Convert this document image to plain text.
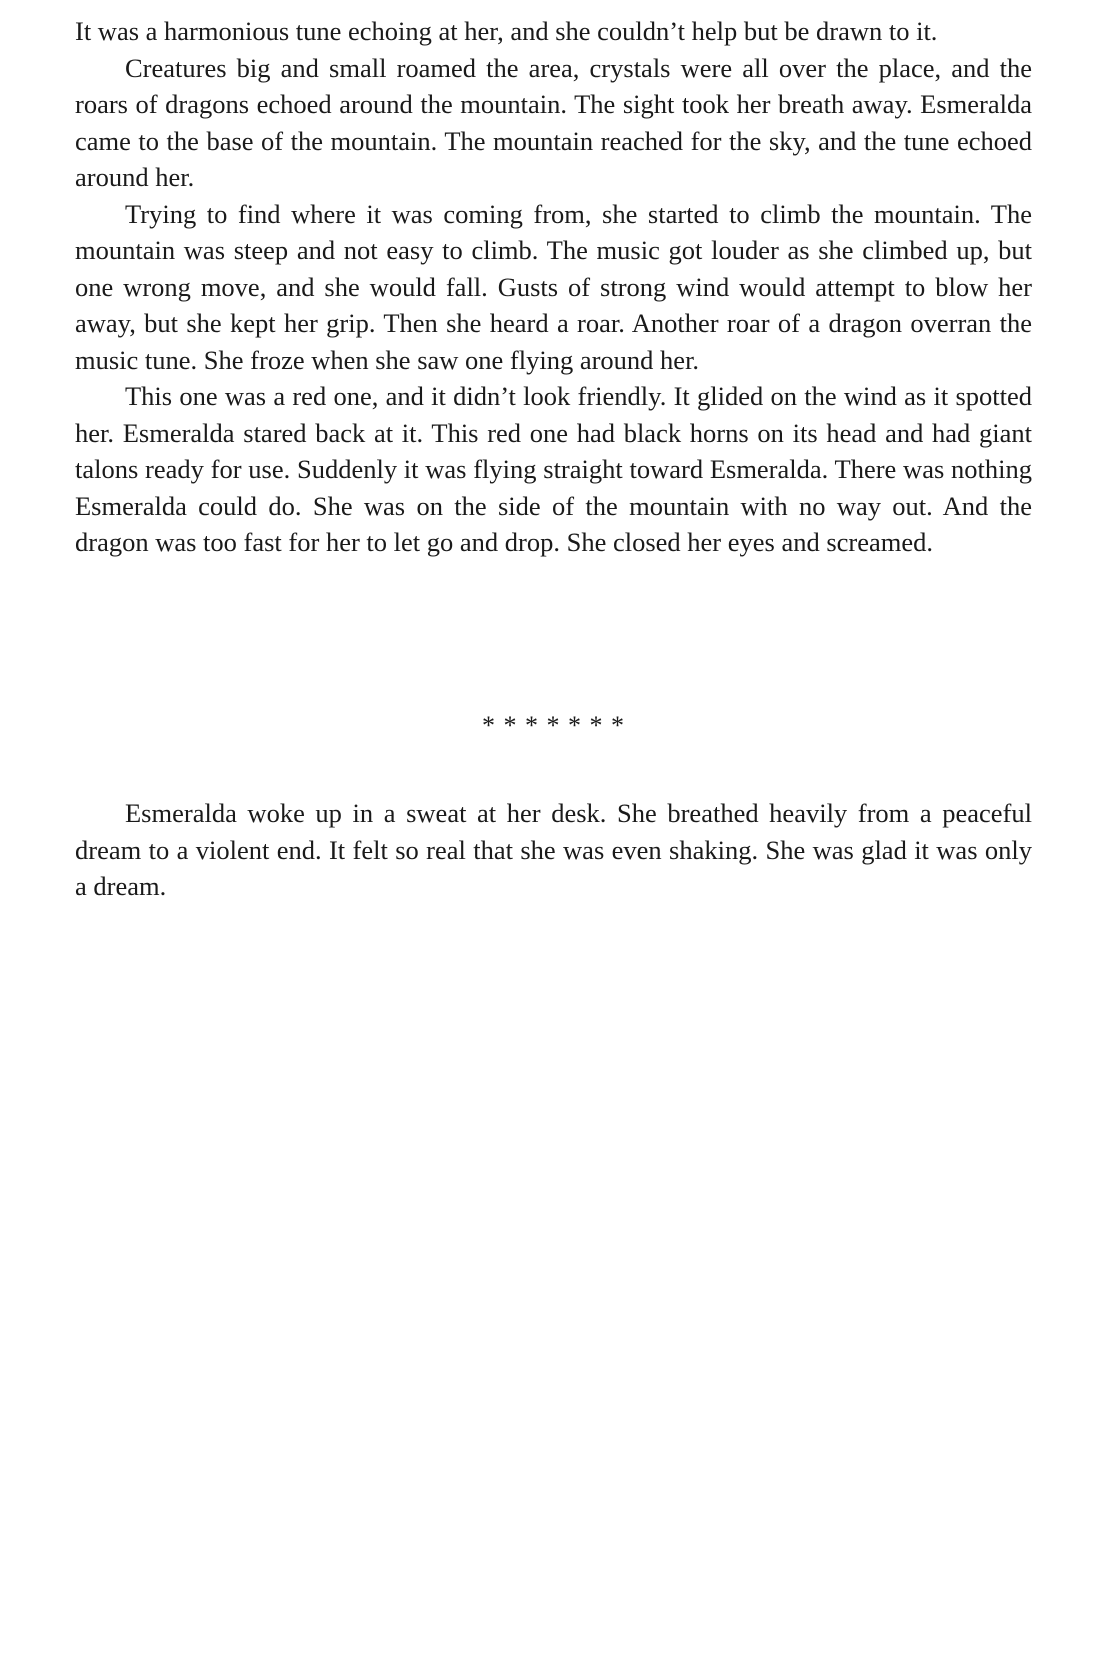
It was a harmonious tune echoing at her, and she couldn’t help but be drawn to it.

Creatures big and small roamed the area, crystals were all over the place, and the roars of dragons echoed around the mountain. The sight took her breath away. Esmeralda came to the base of the mountain. The mountain reached for the sky, and the tune echoed around her.

Trying to find where it was coming from, she started to climb the mountain. The mountain was steep and not easy to climb. The music got louder as she climbed up, but one wrong move, and she would fall. Gusts of strong wind would attempt to blow her away, but she kept her grip. Then she heard a roar. Another roar of a dragon overran the music tune. She froze when she saw one flying around her.

This one was a red one, and it didn’t look friendly. It glided on the wind as it spotted her. Esmeralda stared back at it. This red one had black horns on its head and had giant talons ready for use. Suddenly it was flying straight toward Esmeralda. There was nothing Esmeralda could do. She was on the side of the mountain with no way out. And the dragon was too fast for her to let go and drop. She closed her eyes and screamed.

* * * * * * *

Esmeralda woke up in a sweat at her desk. She breathed heavily from a peaceful dream to a violent end. It felt so real that she was even shaking. She was glad it was only a dream.
